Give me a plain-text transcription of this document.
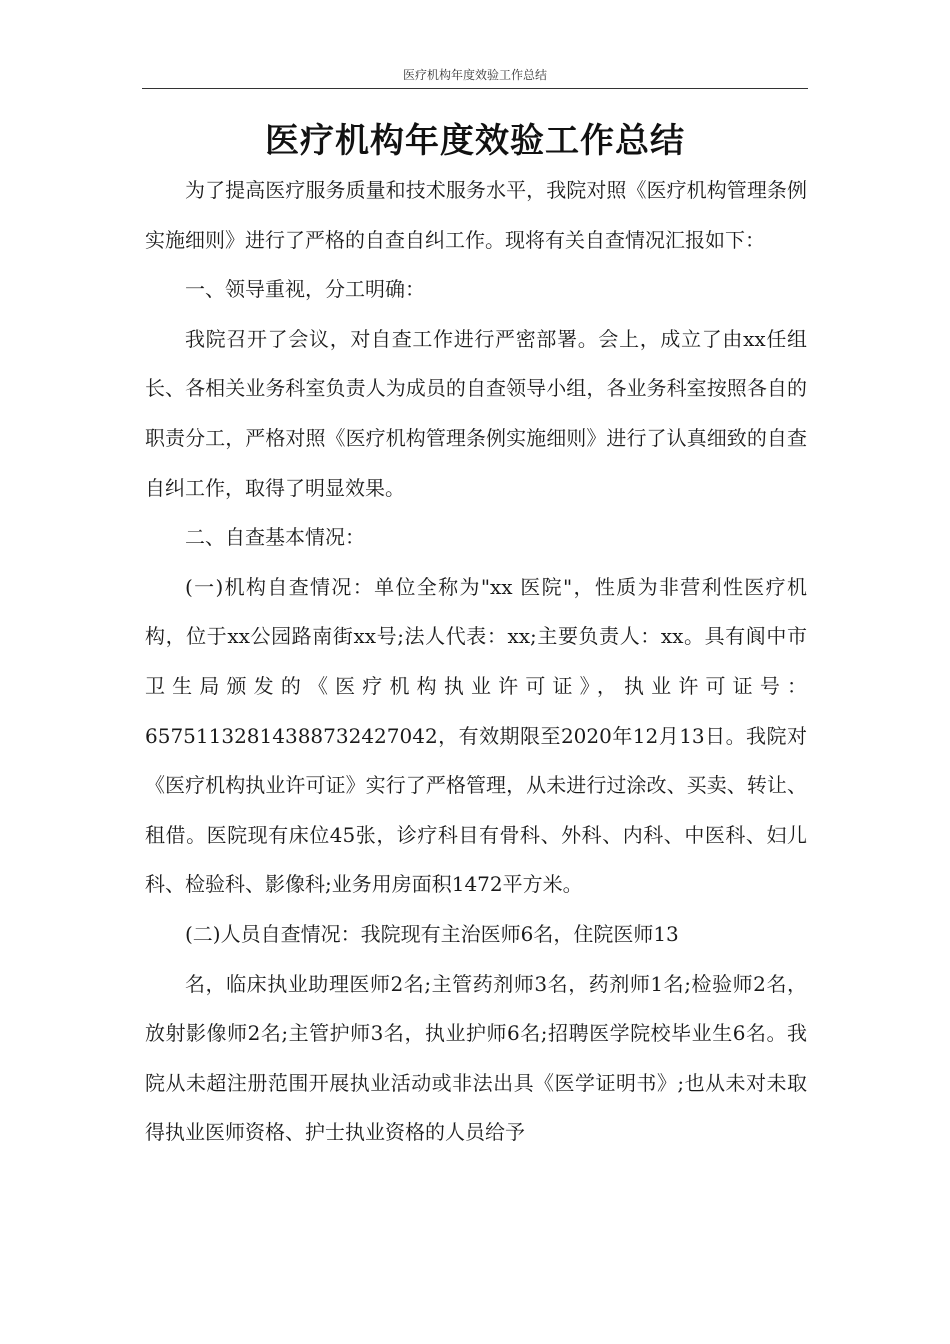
医疗机构年度效验工作总结
医疗机构年度效验工作总结

为了提高医疗服务质量和技术服务水平，我院对照《医疗机构管理条例实施细则》进行了严格的自查自纠工作。现将有关自查情况汇报如下：

一、领导重视，分工明确：

我院召开了会议，对自查工作进行严密部署。会上，成立了由xx任组长、各相关业务科室负责人为成员的自查领导小组，各业务科室按照各自的职责分工，严格对照《医疗机构管理条例实施细则》进行了认真细致的自查自纠工作，取得了明显效果。

二、自查基本情况：

(一)机构自查情况：单位全称为"xx 医院"，性质为非营利性医疗机构，位于xx公园路南街xx号;法人代表：xx;主要负责人：xx。具有阆中市卫生局颁发的《医疗机构执业许可证》，执业许可证号：657511328143887324270​42，有效期限至2020年12月13日。我院对《医疗机构执业许可证》实行了严格管理，从未进行过涂改、买卖、转让、租借。医院现有床位45张，诊疗科目有骨科、外科、内科、中医科、妇儿科、检验科、影像科;业务用房面积1472平方米。

(二)人员自查情况：我院现有主治医师6名，住院医师13

名，临床执业助理医师2名;主管药剂师3名，药剂师1名;检验师2名，放射影像师2名;主管护师3名，执业护师6名;招聘医学院校毕业生6名。我院从未超注册范围开展执业活动或非法出具《医学证明书》;也从未对未取得执业医师资格、护士执业资格的人员给予
